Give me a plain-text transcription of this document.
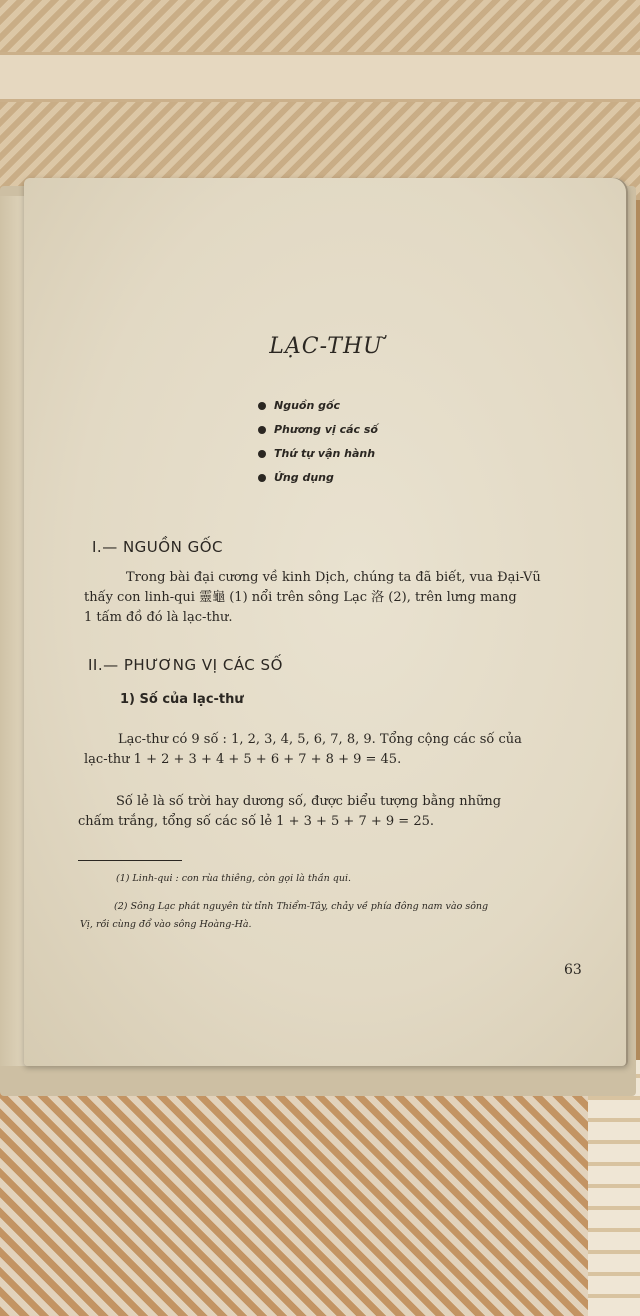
LẠC-THƯ
Nguồn gốc
Phương vị các số
Thứ tự vận hành
Ứng dụng
I.— NGUỒN GỐC
Trong bài đại cương về kinh Dịch, chúng ta đã biết, vua Đại-Vũ
thấy con linh-qui 靈龜 (1) nổi trên sông Lạc 洛 (2), trên lưng mang
1 tấm đồ đó là lạc-thư.
II.— PHƯƠNG VỊ CÁC SỐ
1) Số của lạc-thư
Lạc-thư có 9 số : 1, 2, 3, 4, 5, 6, 7, 8, 9. Tổng cộng các số của
lạc-thư 1 + 2 + 3 + 4 + 5 + 6 + 7 + 8 + 9 = 45.
Số lẻ là số trời hay dương số, được biểu tượng bằng những
chấm trắng, tổng số các số lẻ 1 + 3 + 5 + 7 + 9 = 25.
(1) Linh-qui : con rùa thiêng, còn gọi là thần qui.
(2) Sông Lạc phát nguyên từ tỉnh Thiểm-Tây, chảy về phía đông nam vào sông
Vị, rồi cùng đổ vào sông Hoàng-Hà.
63
